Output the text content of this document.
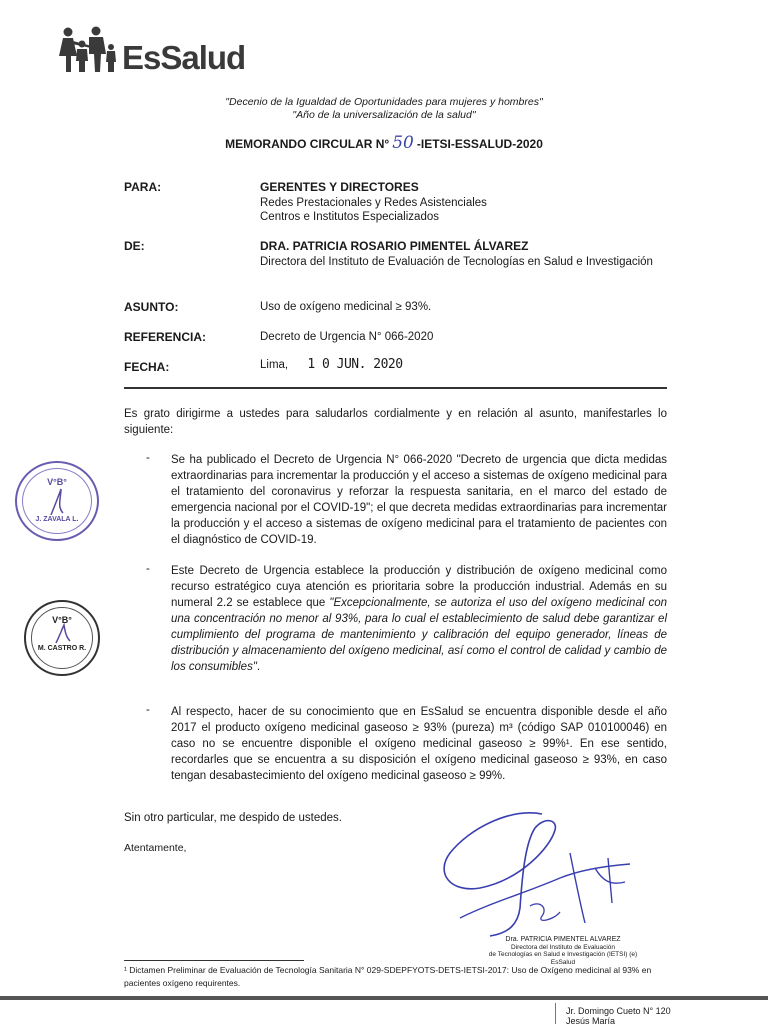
EsSalud
"Decenio de la Igualdad de Oportunidades para mujeres y hombres"
"Año de la universalización de la salud"
MEMORANDO CIRCULAR N° 50 -IETSI-ESSALUD-2020
PARA:	GERENTES Y DIRECTORES
Redes Prestacionales y Redes Asistenciales
Centros e Institutos Especializados
DE:	DRA. PATRICIA ROSARIO PIMENTEL ÁLVAREZ
Directora del Instituto de Evaluación de Tecnologías en Salud e Investigación
ASUNTO:	Uso de oxígeno medicinal ≥ 93%.
REFERENCIA:	Decreto de Urgencia N° 066-2020
FECHA:	Lima, 1 0 JUN. 2020
Es grato dirigirme a ustedes para saludarlos cordialmente y en relación al asunto, manifestarles lo siguiente:
- Se ha publicado el Decreto de Urgencia N° 066-2020 "Decreto de urgencia que dicta medidas extraordinarias para incrementar la producción y el acceso a sistemas de oxígeno medicinal para el tratamiento del coronavirus y reforzar la respuesta sanitaria, en el marco del estado de emergencia nacional por el COVID-19"; el que decreta medidas extraordinarias para incrementar la producción y el acceso a sistemas de oxígeno medicinal para el tratamiento de pacientes con el diagnóstico de COVID-19.
- Este Decreto de Urgencia establece la producción y distribución de oxígeno medicinal como recurso estratégico cuya atención es prioritaria sobre la producción industrial. Además en su numeral 2.2 se establece que "Excepcionalmente, se autoriza el uso del oxígeno medicinal con una concentración no menor al 93%, para lo cual el establecimiento de salud debe garantizar el cumplimiento del programa de mantenimiento y calibración del equipo generador, líneas de distribución y almacenamiento del oxígeno medicinal, así como el control de calidad y cambio de los consumibles".
- Al respecto, hacer de su conocimiento que en EsSalud se encuentra disponible desde el año 2017 el producto oxígeno medicinal gaseoso ≥ 93% (pureza) m³ (código SAP 010100046) en caso no se encuentre disponible el oxígeno medicinal gaseoso ≥ 99%¹. En ese sentido, recordarles que se encuentra a su disposición el oxígeno medicinal gaseoso ≥ 93%, en caso tengan desabastecimiento del oxígeno medicinal gaseoso ≥ 99%.
Sin otro particular, me despido de ustedes.
Atentamente,
V°B°
J. ZAVALA L.
V°B°
M. CASTRO R.
Dra. PATRICIA PIMENTEL ALVAREZ
Directora del Instituto de Evaluación
de Tecnologías en Salud e Investigación (IETSI) (e)
EsSalud
¹ Dictamen Preliminar de Evaluación de Tecnología Sanitaria N° 029-SDEPFYOTS-DETS-IETSI-2017: Uso de Oxígeno medicinal al 93% en pacientes oxígeno requirentes.
Jr. Domingo Cueto N° 120
Jesús María
